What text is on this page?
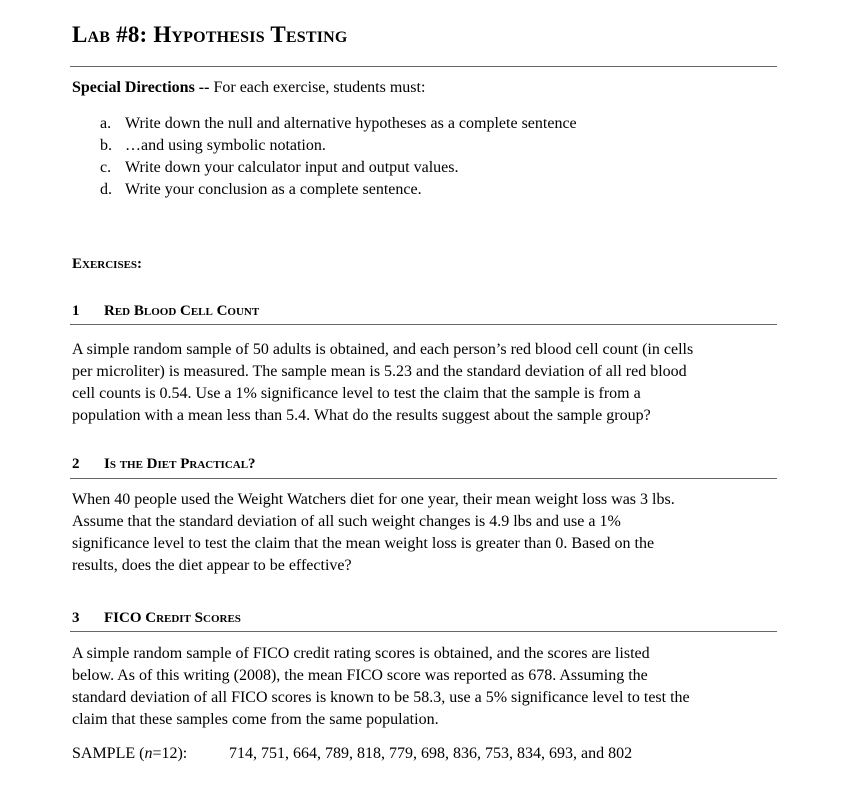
Lab #8: Hypothesis Testing
Special Directions -- For each exercise, students must:
a. Write down the null and alternative hypotheses as a complete sentence
b. …and using symbolic notation.
c. Write down your calculator input and output values.
d. Write your conclusion as a complete sentence.
Exercises:
1 Red Blood Cell Count
A simple random sample of 50 adults is obtained, and each person’s red blood cell count (in cells
per microliter) is measured. The sample mean is 5.23 and the standard deviation of all red blood
cell counts is 0.54. Use a 1% significance level to test the claim that the sample is from a
population with a mean less than 5.4. What do the results suggest about the sample group?
2 Is the Diet Practical?
When 40 people used the Weight Watchers diet for one year, their mean weight loss was 3 lbs.
Assume that the standard deviation of all such weight changes is 4.9 lbs and use a 1%
significance level to test the claim that the mean weight loss is greater than 0. Based on the
results, does the diet appear to be effective?
3 FICO Credit Scores
A simple random sample of FICO credit rating scores is obtained, and the scores are listed
below. As of this writing (2008), the mean FICO score was reported as 678. Assuming the
standard deviation of all FICO scores is known to be 58.3, use a 5% significance level to test the
claim that these samples come from the same population.
SAMPLE (n=12):	714, 751, 664, 789, 818, 779, 698, 836, 753, 834, 693, and 802
